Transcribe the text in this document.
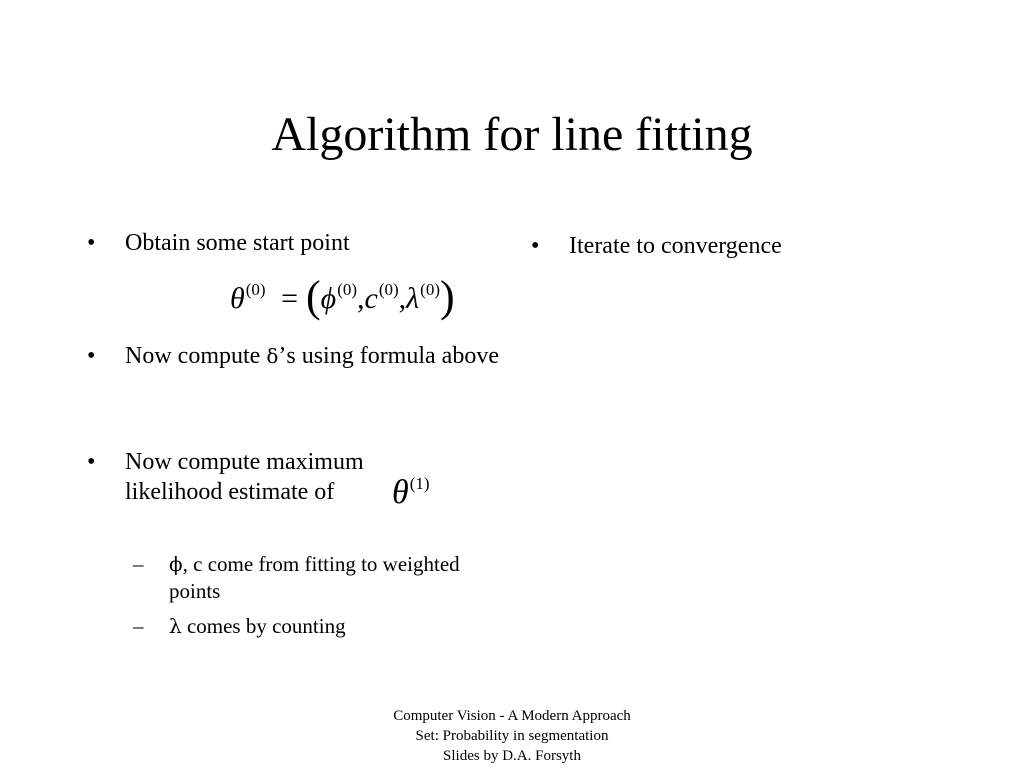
Algorithm for line fitting
•	Obtain some start point
$\theta^{(0)} = (\phi^{(0)},c^{(0)},\lambda^{(0)})$
•	Now compute δ’s using formula above
•	Now compute maximum likelihood estimate of	$\theta^{(1)}$
– ϕ, c come from fitting to weighted points
– λ comes by counting
•	Iterate to convergence
Computer Vision - A Modern Approach
Set: Probability in segmentation
Slides by D.A. Forsyth
